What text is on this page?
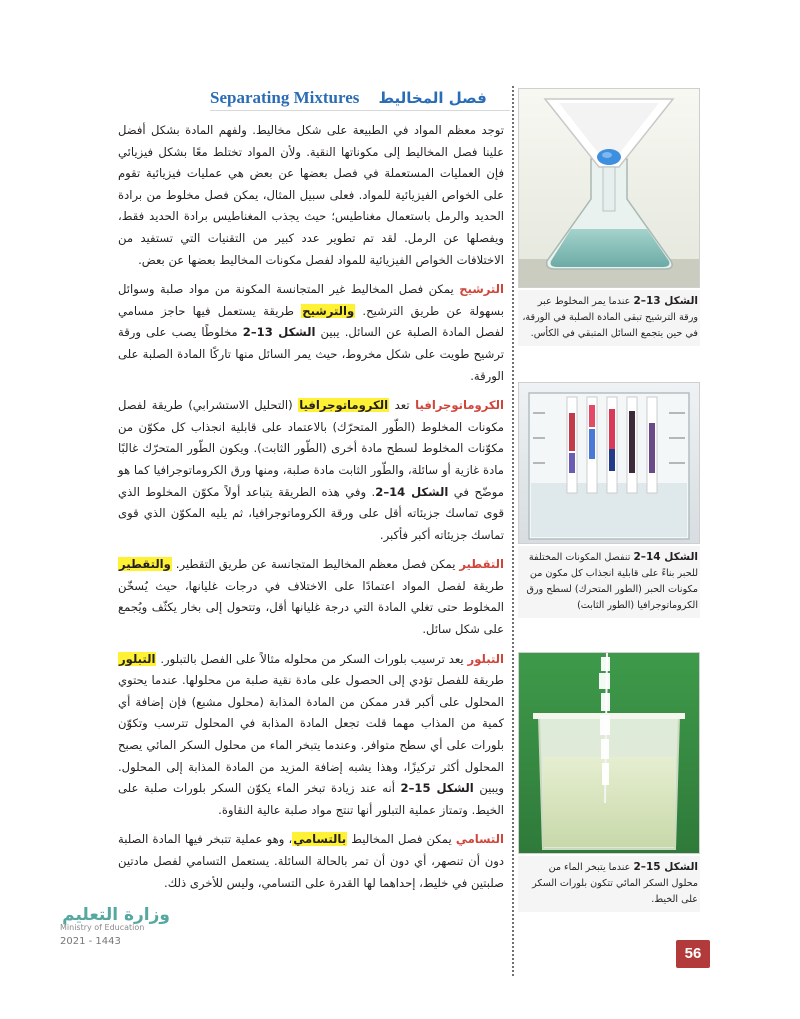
Separating Mixtures فصل المخاليط

توجد معظم المواد في الطبيعة على شكل مخاليط. ولفهم المادة بشكل أفضل علينا فصل المخاليط إلى مكوناتها النقية. ولأن المواد تختلط معًا بشكل فيزيائي فإن العمليات المستعملة في فصل بعضها عن بعض هي عمليات فيزيائية تقوم على الخواص الفيزيائية للمواد. فعلى سبيل المثال، يمكن فصل مخلوط من برادة الحديد والرمل باستعمال مغناطيس؛ حيث يجذب المغناطيس برادة الحديد فقط، ويفصلها عن الرمل. لقد تم تطوير عدد كبير من التقنيات التي تستفيد من الاختلافات الخواص الفيزيائية للمواد لفصل مكونات المخاليط بعضها عن بعض.

الترشيح يمكن فصل المخاليط غير المتجانسة المكونة من مواد صلبة وسوائل بسهولة عن طريق الترشيح. والترشيح طريقة يستعمل فيها حاجز مسامي لفصل المادة الصلبة عن السائل. يبين الشكل 13–2 مخلوطًا يصب على ورقة ترشيح طويت على شكل مخروط، حيث يمر السائل منها تاركًا المادة الصلبة على الورقة.

الكروماتوجرافيا تعد الكروماتوجرافيا (التحليل الاستشرابي) طريقة لفصل مكونات المخلوط (الطّور المتحرّك) بالاعتماد على قابلية انجذاب كل مكوّن من مكوّنات المخلوط لسطح مادة أخرى (الطّور الثابت). ويكون الطّور المتحرّك غالبًا مادة غازية أو سائلة، والطّور الثابت مادة صلبة، ومنها ورق الكروماتوجرافيا كما هو موضّح في الشكل 14–2. وفي هذه الطريقة يتباعد أولاً مكوّن المخلوط الذي قوى تماسك جزيئاته أقل على ورقة الكروماتوجرافيا، ثم يليه المكوّن الذي قوى تماسك جزيئاته أكبر فأكبر.

التقطير يمكن فصل معظم المخاليط المتجانسة عن طريق التقطير. والتقطير طريقة لفصل المواد اعتمادًا على الاختلاف في درجات غليانها، حيث يُسخّن المخلوط حتى تغلي المادة التي درجة غليانها أقل، وتتحول إلى بخار يكثّف ويُجمع على شكل سائل.

التبلور يعد ترسيب بلورات السكر من محلوله مثالاً على الفصل بالتبلور. التبلور طريقة للفصل تؤدي إلى الحصول على مادة نقية صلبة من محلولها. عندما يحتوي المحلول على أكبر قدر ممكن من المادة المذابة (محلول مشبع) فإن إضافة أي كمية من المذاب مهما قلت تجعل المادة المذابة في المحلول تترسب وتكوّن بلورات على أي سطح متوافر. وعندما يتبخر الماء من محلول السكر المائي يصبح المحلول أكثر تركيزًا، وهذا يشبه إضافة المزيد من المادة المذابة إلى المحلول. ويبين الشكل 15–2 أنه عند زيادة تبخر الماء يكوّن السكر بلورات صلبة على الخيط. وتمتاز عملية التبلور أنها تنتج مواد صلبة عالية النقاوة.

التسامي يمكن فصل المخاليط بالتسامي، وهو عملية تتبخر فيها المادة الصلبة دون أن تنصهر، أي دون أن تمر بالحالة السائلة. يستعمل التسامي لفصل مادتين صلبتين في خليط، إحداهما لها القدرة على التسامي، وليس للأخرى ذلك.

الشكل 13–2 عندما يمر المخلوط عبر ورقة الترشيح تبقى المادة الصلبة في الورقة، في حين يتجمع السائل المتبقي في الكأس.
الشكل 14–2 تنفصل المكونات المختلفة للحبر بناءً على قابلية انجذاب كل مكون من مكونات الحبر (الطور المتحرك) لسطح ورق الكروماتوجرافيا (الطور الثابت)
الشكل 15–2 عندما يتبخر الماء من محلول السكر المائي تتكون بلورات السكر على الخيط.
وزارة التعليم
Ministry of Education
2021 - 1443
56
